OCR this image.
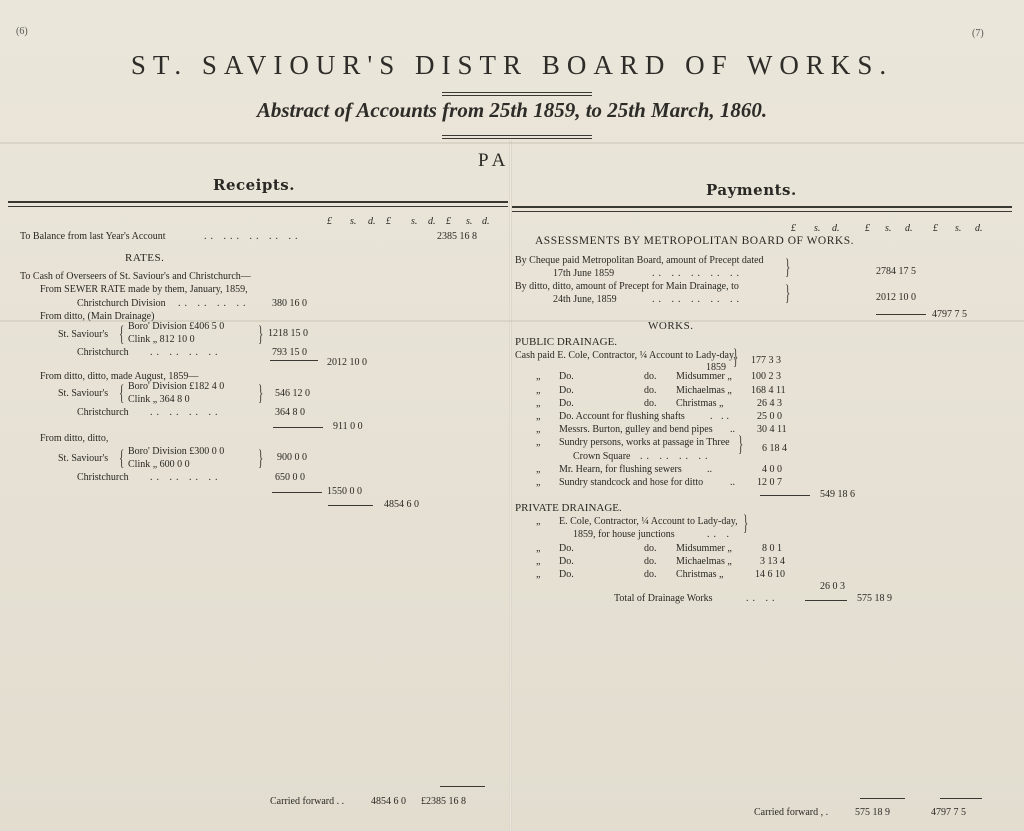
(6)	(7)
ST. SAVIOUR'S DISTR BOARD OF WORKS.
Abstract of Accounts from 25th 1859, to 25th March, 1860.
P A
Receipts.
£ s. d. £ s. d. £ s. d.
To Balance from last Year's Account	.. ... .. .. ..	2385 16 8
RATES.
To Cash of Overseers of St. Saviour's and Christchurch—
From SEWER RATE made by them, January, 1859,
Christchurch Division .. .. .. .. 380 16 0
From ditto, (Main Drainage)
St. Saviour's { Boro' Division £406 5 0
Clink „ 812 10 0	} 1218 15 0
Christchurch .. .. .. ..	793 15 0
2012 10 0
From ditto, ditto, made August, 1859—
St. Saviour's { Boro' Division £182 4 0
Clink „ 364 8 0	} 546 12 0
Christchurch .. .. .. ..	364 8 0
911 0 0
From ditto, ditto,
St. Saviour's { Boro' Division £300 0 0
Clink „ 600 0 0	} 900 0 0
Christchurch .. .. .. ..	650 0 0
1550 0 0
4854 6 0
Carried forward . .	4854 6 0 £2385 16 8
Payments.
£ s. d.	£ s. d. £ s. d.
ASSESSMENTS BY METROPOLITAN BOARD OF WORKS.
By Cheque paid Metropolitan Board, amount of Precept dated
17th June 1859	.. .. .. .. .. }	2784 17 5
By ditto, ditto, amount of Precept for Main Drainage, to
24th June, 1859	.. .. .. .. .. }	2012 10 0
4797 7 5
WORKS.
PUBLIC DRAINAGE.
Cash paid E. Cole, Contractor, ¼ Account to Lady-day,
1859 } 177 3 3
„ Do.	do. Midsummer „ 100 2 3
„ Do.	do. Michaelmas „ 168 4 11
„ Do.	do. Christmas „	26 4 3
„ Do. Account for flushing shafts	. ..	25 0 0
„ Messrs. Burton, gulley and bend pipes .. 30 4 11
„ Sundry persons, works at passage in Three
Crown Square .. .. .. ..
} 6 18 4
„ Mr. Hearn, for flushing sewers	..	4 0 0
„ Sundry standcock and hose for ditto	.. 12 0 7
549 18 6
PRIVATE DRAINAGE.
„ E. Cole, Contractor, ¼ Account to Lady-day,
1859, for house junctions	.. . }
„ Do.	do. Midsummer „	8 0 1
„ Do.	do. Michaelmas „	3 13 4
„ Do.	do. Christmas „	14 6 10
26 0 3
Total of Drainage Works	.. ..	575 18 9
Carried forward , .	575 18 9	4797 7 5
